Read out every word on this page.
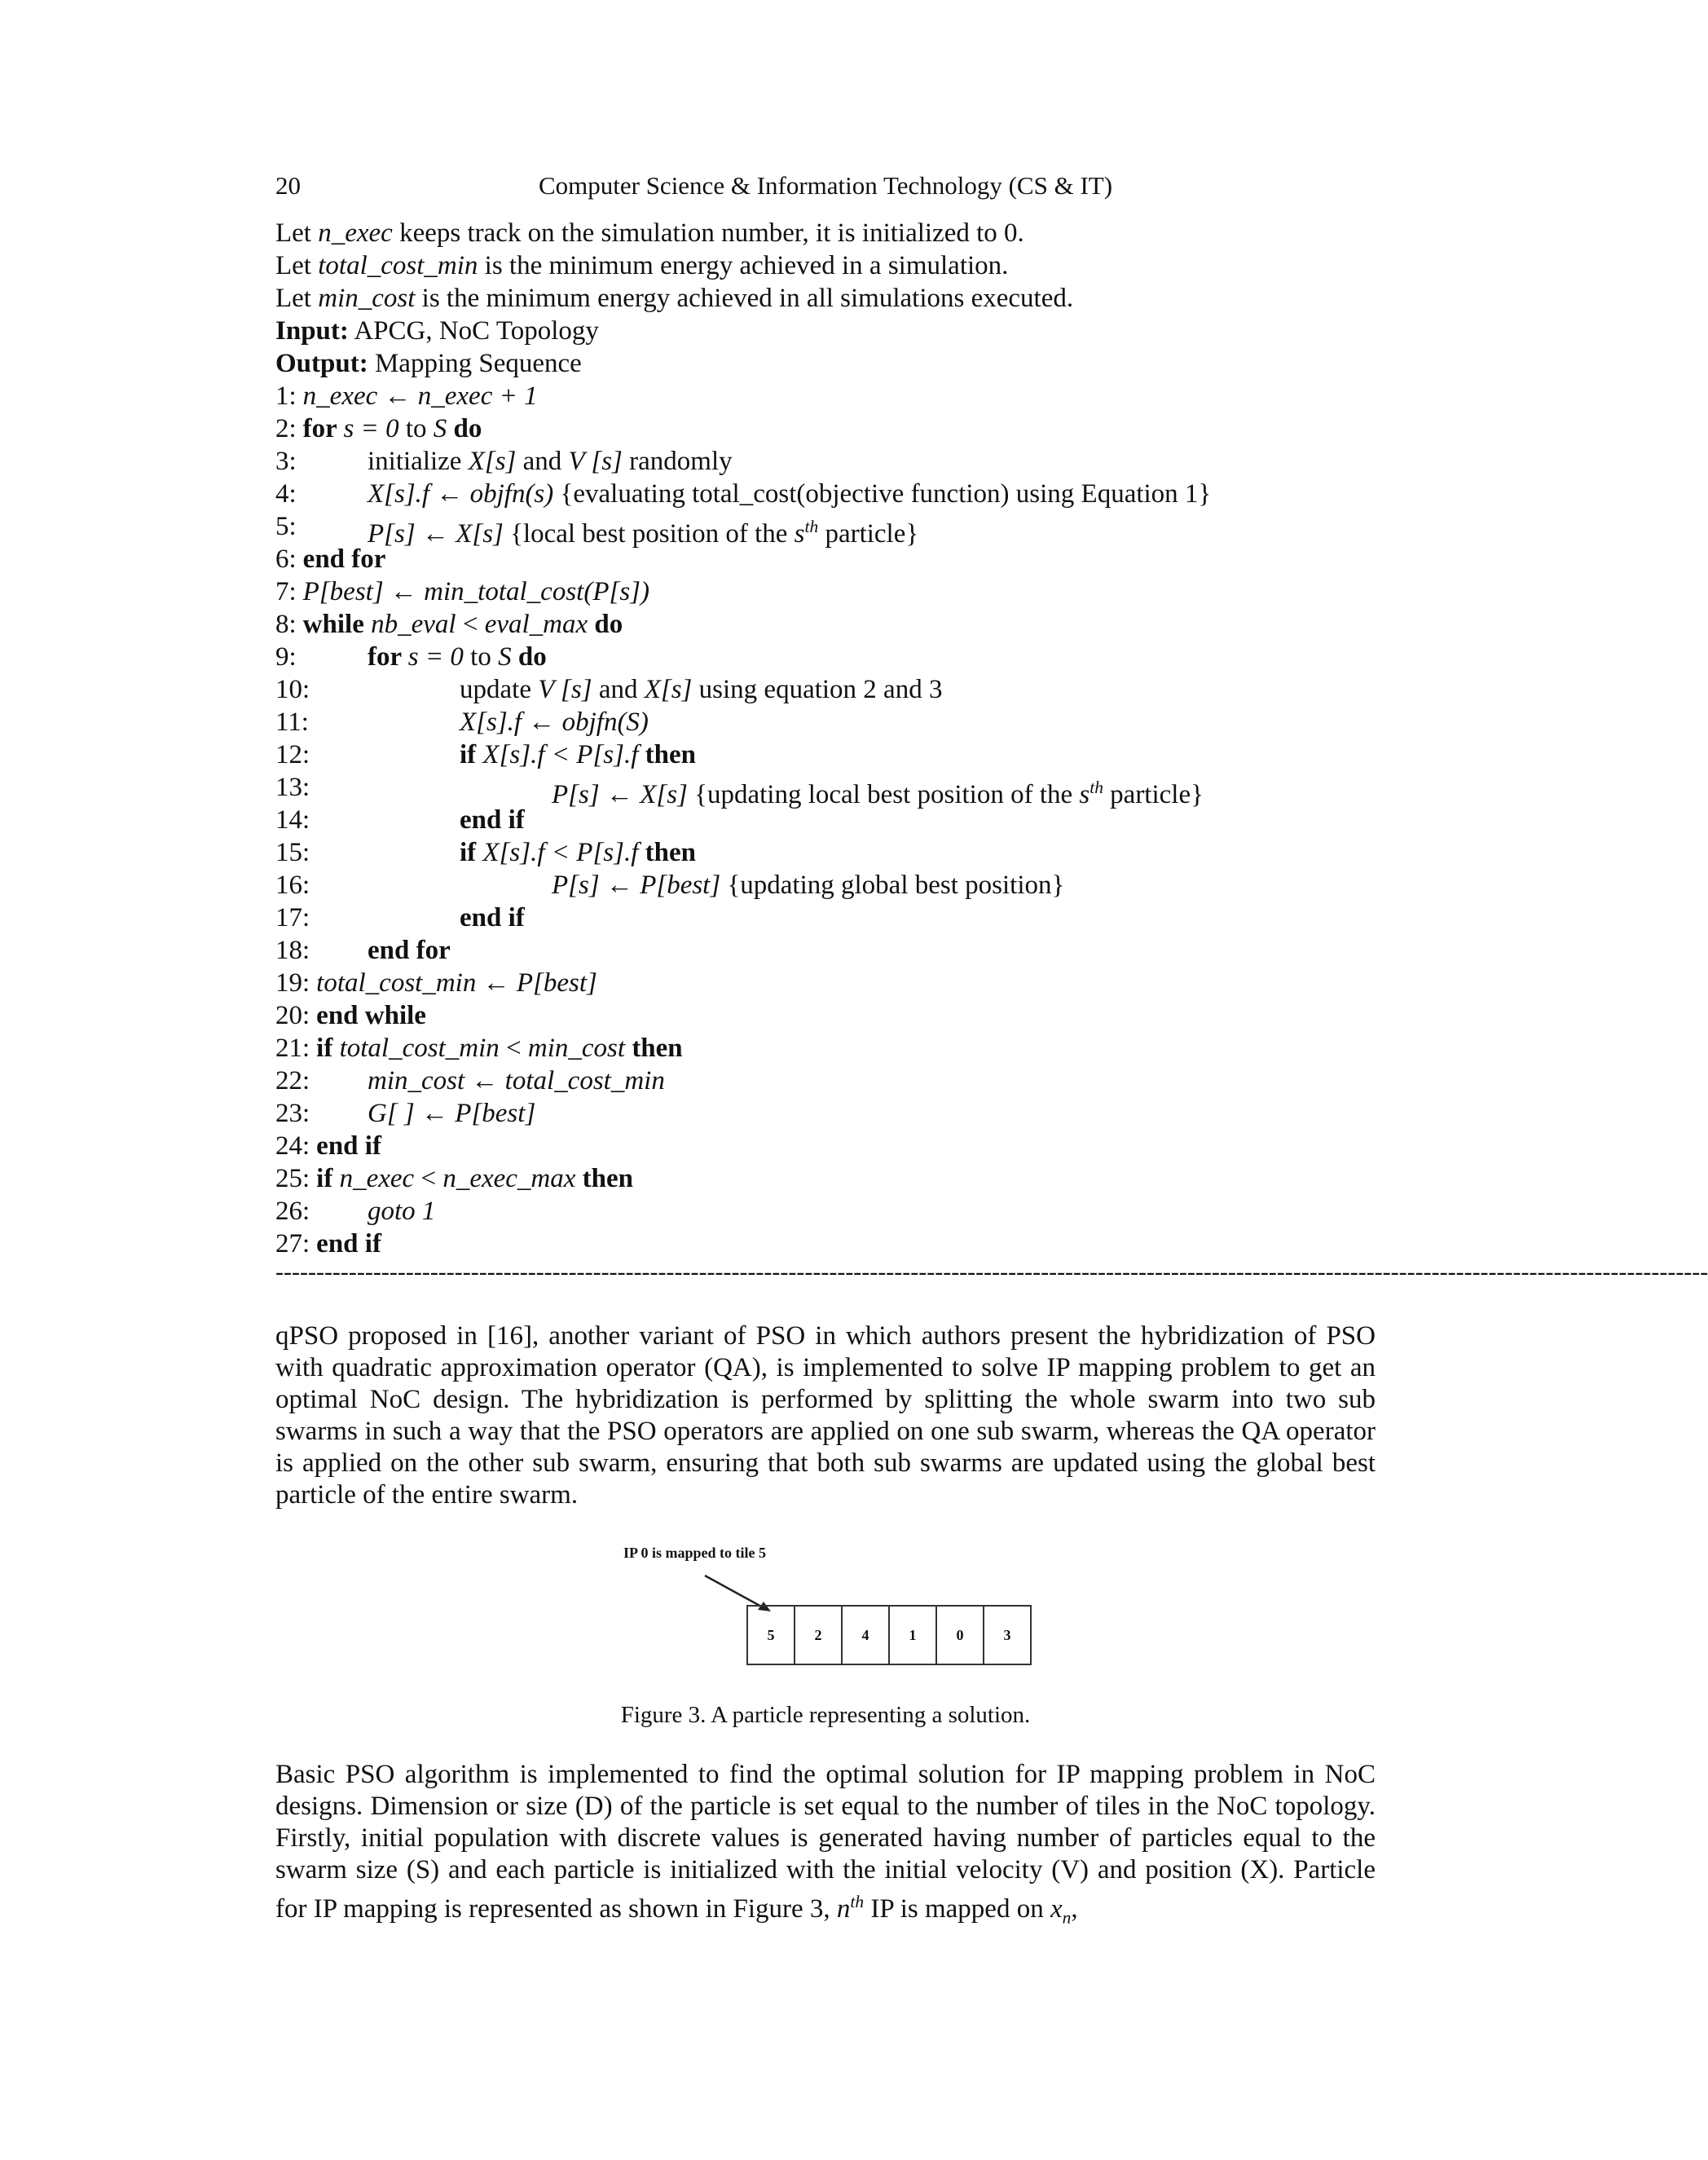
20	Computer Science & Information Technology (CS & IT)
Let n_exec keeps track on the simulation number, it is initialized to 0.
Let total_cost_min is the minimum energy achieved in a simulation.
Let min_cost is the minimum energy achieved in all simulations executed.
Input: APCG, NoC Topology
Output: Mapping Sequence
1: n_exec ← n_exec + 1
2: for s = 0 to S do
3:	initialize X[s] and V [s] randomly
4:	X[s].f ← objfn(s) {evaluating total_cost(objective function) using Equation 1}
5:	P[s] ← X[s] {local best position of the $s^{th}$ particle}
6: end for
7: P[best] ← min_total_cost(P[s])
8: while nb_eval < eval_max do
9:	for s = 0 to S do
10:	update V [s] and X[s] using equation 2 and 3
11:	X[s].f ← objfn(S)
12:	if X[s].f < P[s].f then
13:	P[s] ← X[s] {updating local best position of the $s^{th}$ particle}
14:	end if
15:	if X[s].f < P[s].f then
16:	P[s] ← P[best] {updating global best position}
17:	end if
18: end for
19: total_cost_min ← P[best]
20: end while
21: if total_cost_min < min_cost then
22: min_cost ← total_cost_min
23: G[ ] ← P[best]
24: end if
25: if n_exec < n_exec_max then
26: goto 1
27: end if
--------------------------------------------------------------------------------------------------------------------------------------------------------------------------------
qPSO proposed in [16], another variant of PSO in which authors present the hybridization of PSO with quadratic approximation operator (QA), is implemented to solve IP mapping problem to get an optimal NoC design. The hybridization is performed by splitting the whole swarm into two sub swarms in such a way that the PSO operators are applied on one sub swarm, whereas the QA operator is applied on the other sub swarm, ensuring that both sub swarms are updated using the global best particle of the entire swarm.
IP 0 is mapped to tile 5
5	2	4	1	0	3
Figure 3. A particle representing a solution.
Basic PSO algorithm is implemented to find the optimal solution for IP mapping problem in NoC designs. Dimension or size (D) of the particle is set equal to the number of tiles in the NoC topology. Firstly, initial population with discrete values is generated having number of particles equal to the swarm size (S) and each particle is initialized with the initial velocity (V) and position (X). Particle for IP mapping is represented as shown in Figure 3, $n^{th}$ IP is mapped on $x_n$,
